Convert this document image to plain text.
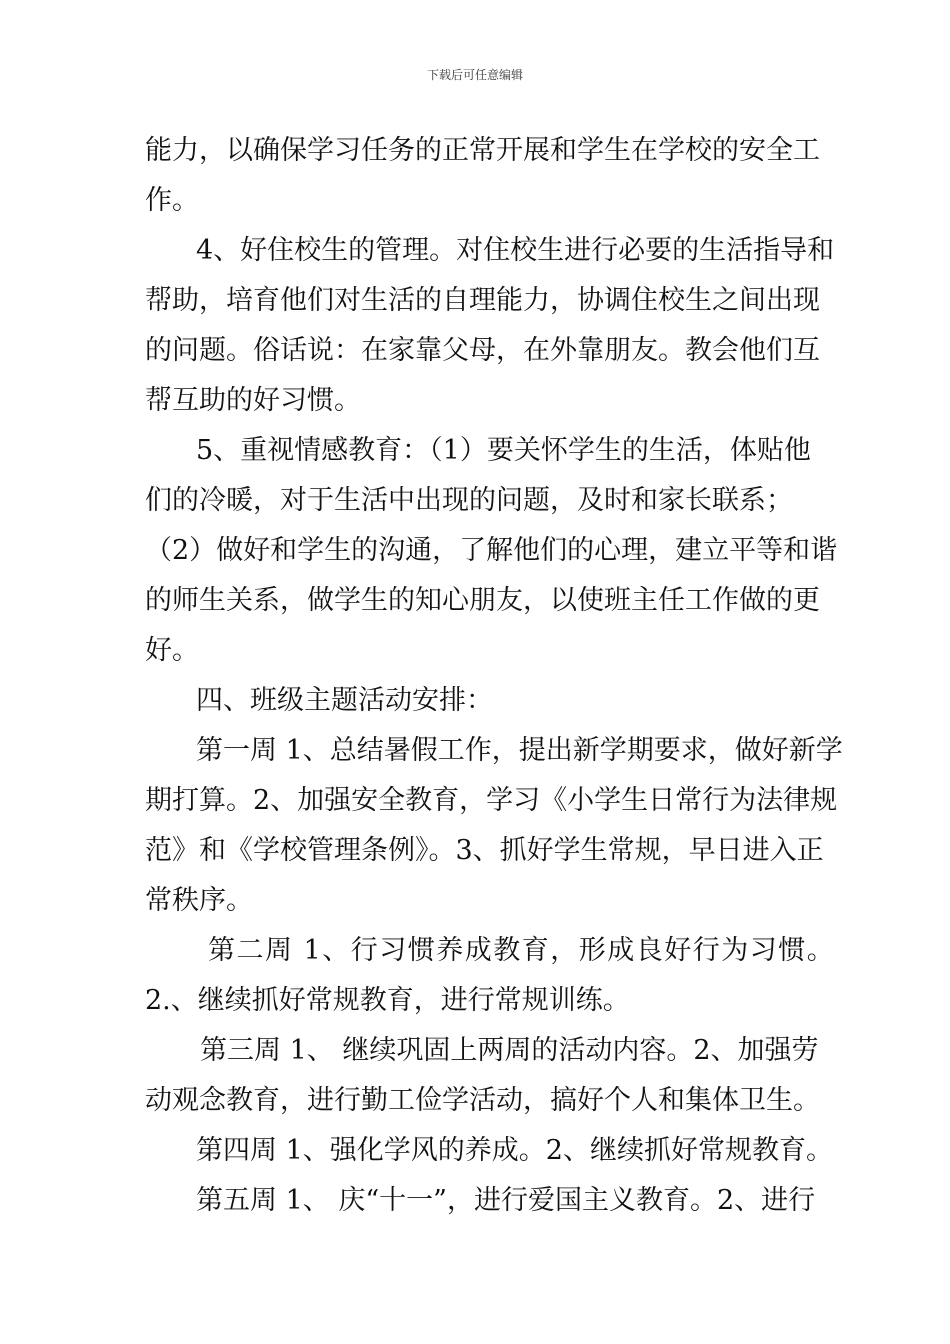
下载后可任意编辑
能力，以确保学习任务的正常开展和学生在学校的安全工
作。
4、好住校生的管理。对住校生进行必要的生活指导和
帮助，培育他们对生活的自理能力，协调住校生之间出现
的问题。俗话说：在家靠父母，在外靠朋友。教会他们互
帮互助的好习惯。
5、重视情感教育：（1）要关怀学生的生活，体贴他
们的冷暖，对于生活中出现的问题，及时和家长联系；
（2）做好和学生的沟通，了解他们的心理，建立平等和谐
的师生关系，做学生的知心朋友，以使班主任工作做的更
好。
四、班级主题活动安排：
第一周 1、总结暑假工作，提出新学期要求，做好新学
期打算。2、加强安全教育，学习《小学生日常行为法律规
范》和《学校管理条例》。3、抓好学生常规，早日进入正
常秩序。
第二周 1、行习惯养成教育，形成良好行为习惯。
2.、继续抓好常规教育，进行常规训练。
第三周 1、 继续巩固上两周的活动内容。2、加强劳
动观念教育，进行勤工俭学活动，搞好个人和集体卫生。
第四周 1、强化学风的养成。2、继续抓好常规教育。
第五周 1、 庆“十一”，进行爱国主义教育。2、进行
